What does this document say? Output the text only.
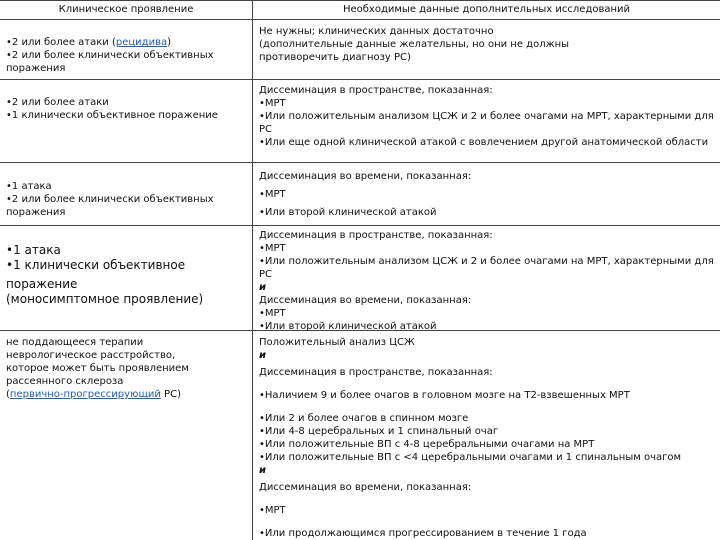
Клиническое проявление	Необходимые данные дополнительных исследований
•2 или более атаки (рецидива)
•2 или более клинически объективных
поражения
Не нужны; клинических данных достаточно
(дополнительные данные желательны, но они не должны
противоречить диагнозу РС)
•2 или более атаки
•1 клинически объективное поражение
Диссеминация в пространстве, показанная:
•МРТ
•Или положительным анализом ЦСЖ и 2 и более очагами на МРТ, характерными для
РС
•Или еще одной клинической атакой с вовлечением другой анатомической области
•1 атака
•2 или более клинически объективных
поражения
Диссеминация во времени, показанная:
•МРТ
•Или второй клинической атакой
•1 атака
•1 клинически объективное
поражение
(моносимптомное проявление)
Диссеминация в пространстве, показанная:
•МРТ
•Или положительным анализом ЦСЖ и 2 и более очагами на МРТ, характерными для
РС
и
Диссеминация во времени, показанная:
•МРТ
•Или второй клинической атакой
не поддающееся терапии
неврологическое расстройство,
которое может быть проявлением
рассеянного склероза
(первично-прогрессирующий РС)
Положительный анализ ЦСЖ
и
Диссеминация в пространстве, показанная:
•Наличием 9 и более очагов в головном мозге на Т2-взвешенных МРТ
•Или 2 и более очагов в спинном мозге
•Или 4-8 церебральных и 1 спинальный очаг
•Или положительные ВП с 4-8 церебральными очагами на МРТ
•Или положительные ВП с <4 церебральными очагами и 1 спинальным очагом
и
Диссеминация во времени, показанная:
•МРТ
•Или продолжающимся прогрессированием в течение 1 года
